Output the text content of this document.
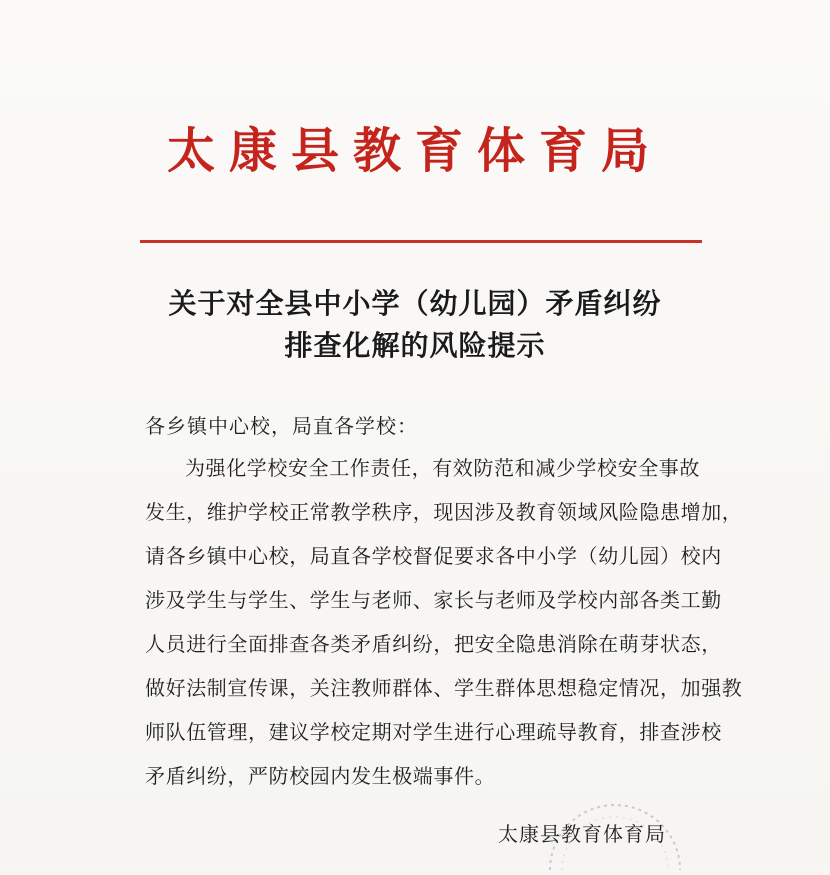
太康县教育体育局
关于对全县中小学（幼儿园）矛盾纠纷
排查化解的风险提示
各乡镇中心校，局直各学校：
为强化学校安全工作责任，有效防范和减少学校安全事故
发生，维护学校正常教学秩序，现因涉及教育领域风险隐患增加，
请各乡镇中心校，局直各学校督促要求各中小学（幼儿园）校内
涉及学生与学生、学生与老师、家长与老师及学校内部各类工勤
人员进行全面排查各类矛盾纠纷，把安全隐患消除在萌芽状态，
做好法制宣传课，关注教师群体、学生群体思想稳定情况，加强教
师队伍管理，建议学校定期对学生进行心理疏导教育，排查涉校
矛盾纠纷，严防校园内发生极端事件。
太康县教育体育局
